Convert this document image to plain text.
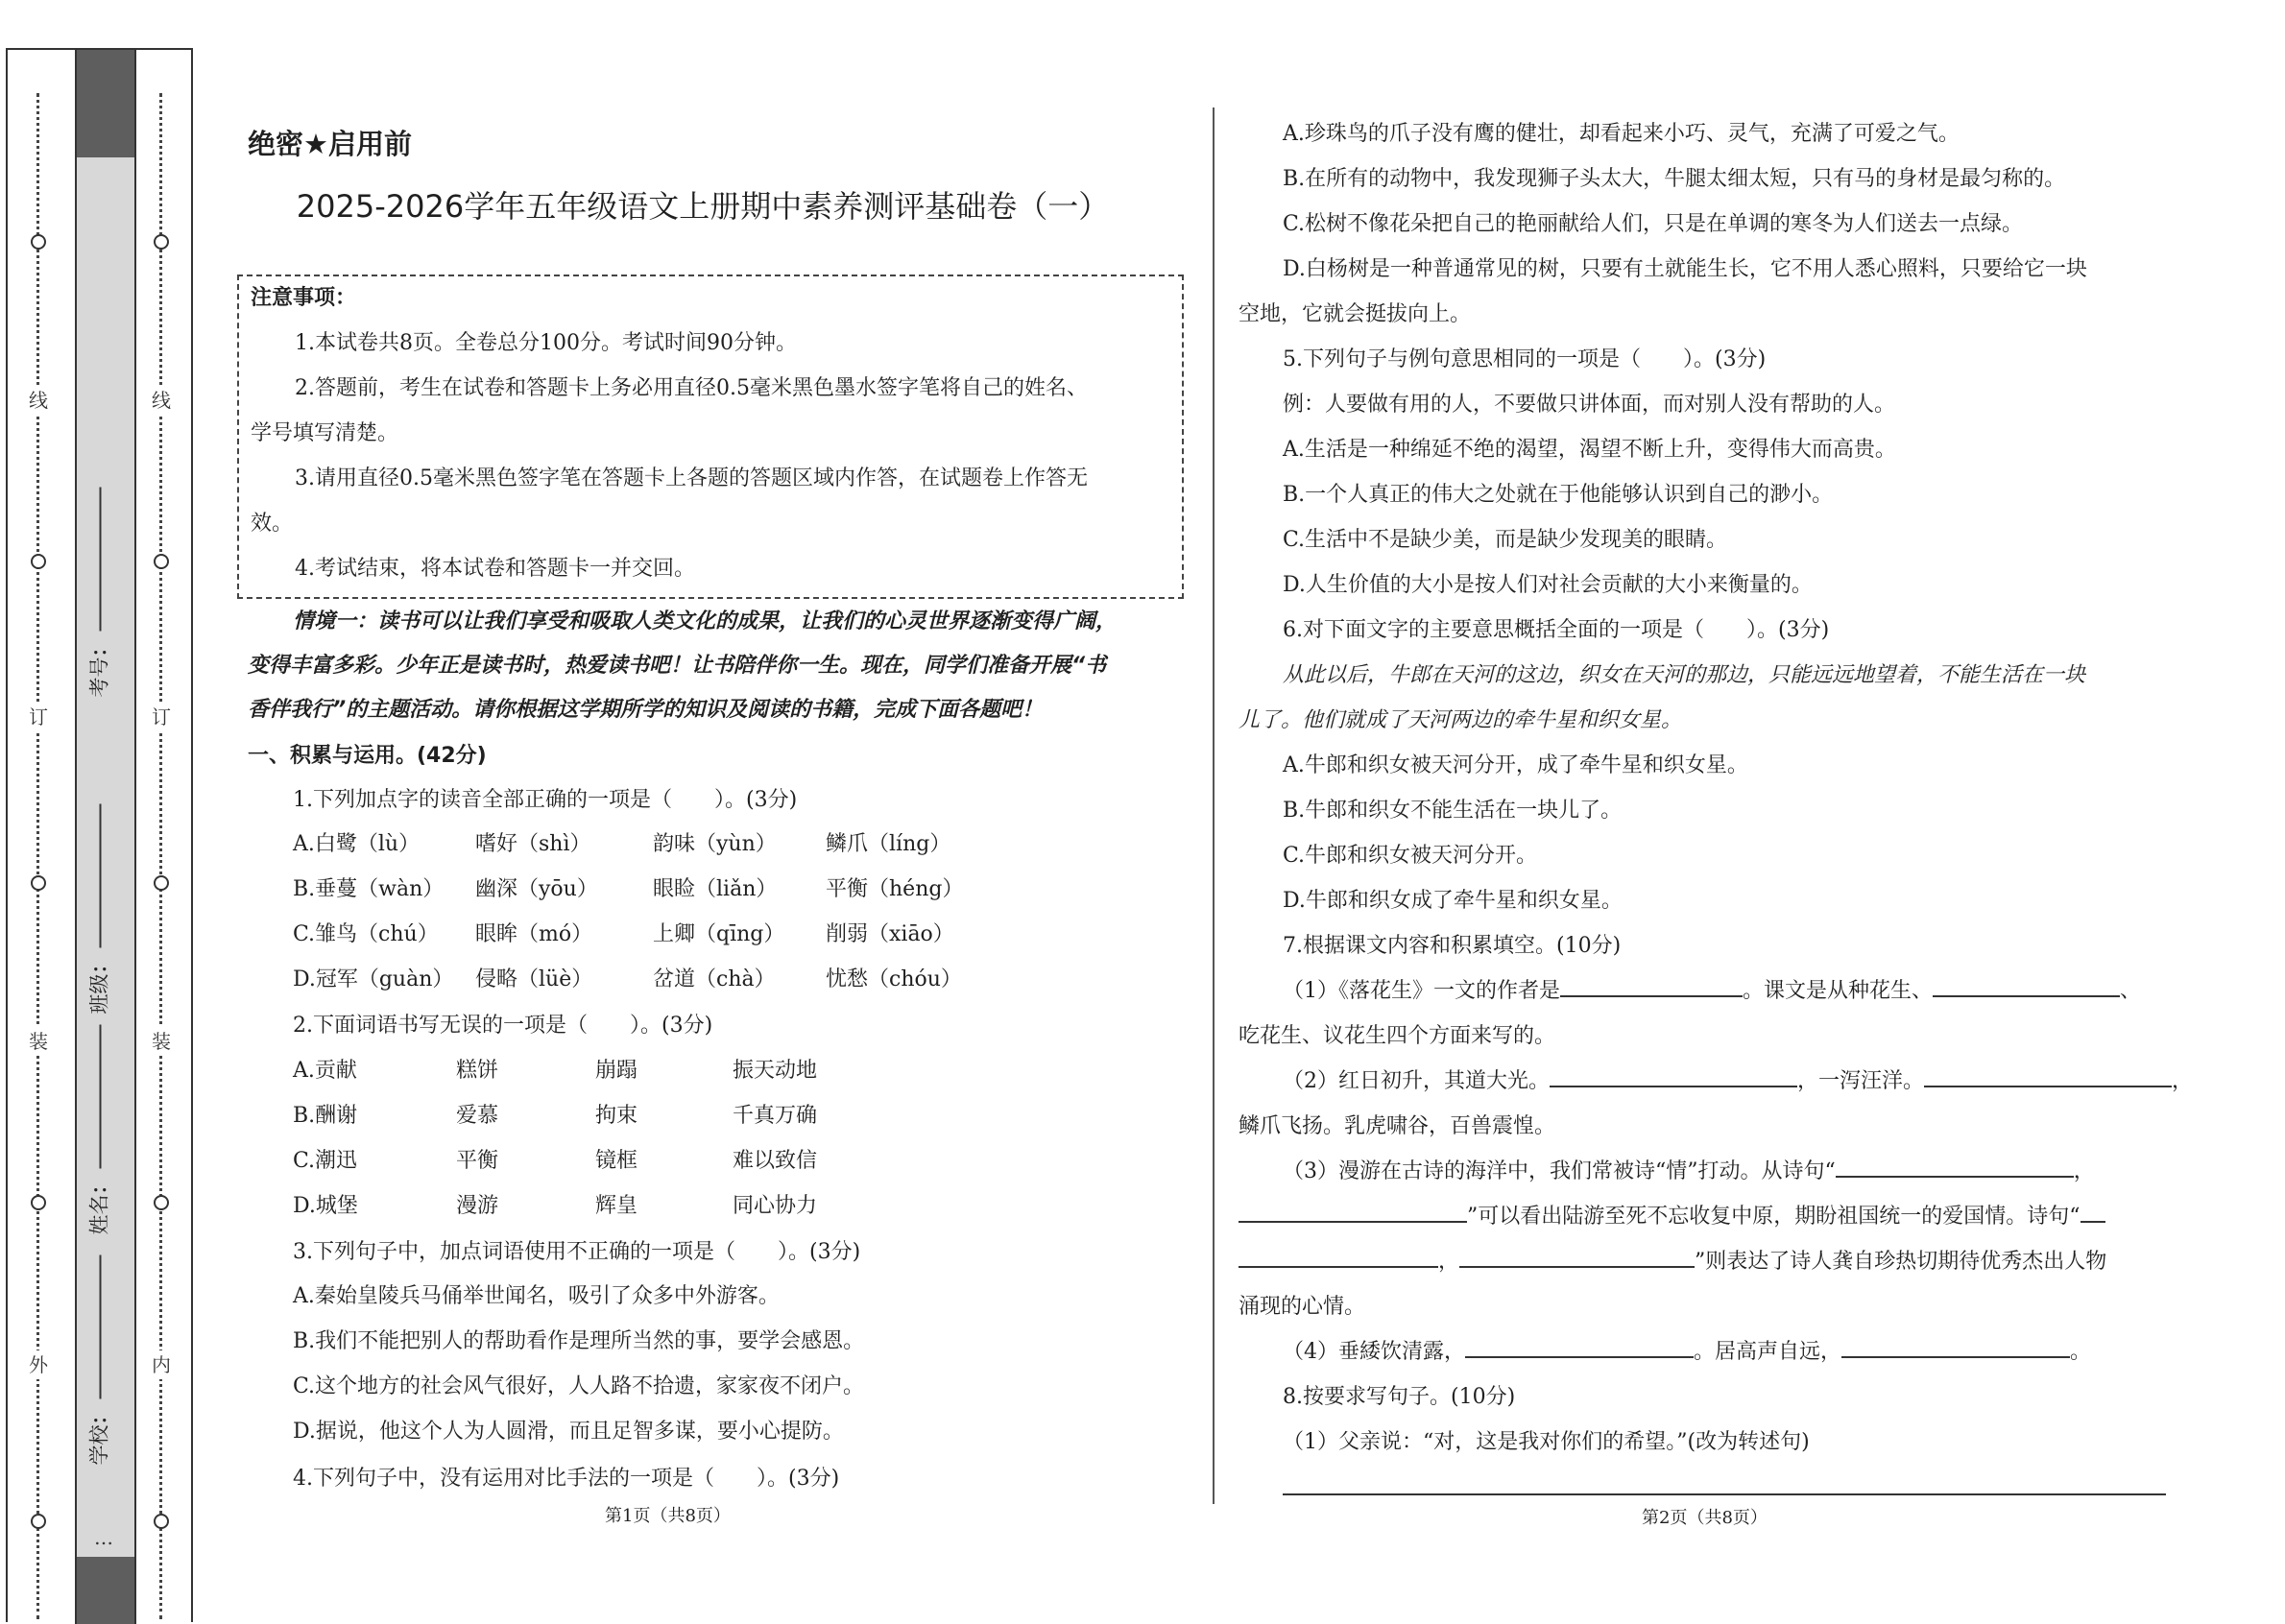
线
订
装
外
线
订
装
内
考号：
班级：
姓名：
学校：
…
绝密★启用前
2025-2026学年五年级语文上册期中素养测评基础卷（一）
注意事项：
1.本试卷共8页。全卷总分100分。考试时间90分钟。
2.答题前，考生在试卷和答题卡上务必用直径0.5毫米黑色墨水签字笔将自己的姓名、
学号填写清楚。
3.请用直径0.5毫米黑色签字笔在答题卡上各题的答题区域内作答，在试题卷上作答无
效。
4.考试结束，将本试卷和答题卡一并交回。
情境一：读书可以让我们享受和吸取人类文化的成果，让我们的心灵世界逐渐变得广阔，
变得丰富多彩。少年正是读书时，热爱读书吧！让书陪伴你一生。现在，同学们准备开展“书
香伴我行”的主题活动。请你根据这学期所学的知识及阅读的书籍，完成下面各题吧！
一、积累与运用。(42分)
1.下列加点字的读音全部正确的一项是（　　）。(3分)
A.白鹭（lù）	嗜好（shì）	韵味（yùn） 鳞爪（líng）
B.垂蔓（wàn） 幽深（yōu）	眼睑（liǎn） 平衡（héng）
C.雏鸟（chú） 眼眸（mó）	上卿（qīng） 削弱（xiāo）
D.冠军（guàn） 侵略（lüè）	岔道（chà） 忧愁（chóu）
2.下面词语书写无误的一项是（　　）。(3分)
A.贡献	糕饼	崩蹋	振天动地
B.酬谢	爱慕	拘束	千真万确
C.潮迅	平衡	镜框	难以致信
D.城堡	漫游	辉皇	同心协力
3.下列句子中，加点词语使用不正确的一项是（　　）。(3分)
A.秦始皇陵兵马俑举世闻名，吸引了众多中外游客。
B.我们不能把别人的帮助看作是理所当然的事，要学会感恩。
C.这个地方的社会风气很好，人人路不拾遗，家家夜不闭户。
D.据说，他这个人为人圆滑，而且足智多谋，要小心提防。
4.下列句子中，没有运用对比手法的一项是（　　）。(3分)
第1页（共8页）
A.珍珠鸟的爪子没有鹰的健壮，却看起来小巧、灵气，充满了可爱之气。
B.在所有的动物中，我发现狮子头太大，牛腿太细太短，只有马的身材是最匀称的。
C.松树不像花朵把自己的艳丽献给人们，只是在单调的寒冬为人们送去一点绿。
D.白杨树是一种普通常见的树，只要有土就能生长，它不用人悉心照料，只要给它一块
空地，它就会挺拔向上。
5.下列句子与例句意思相同的一项是（　　）。(3分)
例：人要做有用的人，不要做只讲体面，而对别人没有帮助的人。
A.生活是一种绵延不绝的渴望，渴望不断上升，变得伟大而高贵。
B.一个人真正的伟大之处就在于他能够认识到自己的渺小。
C.生活中不是缺少美，而是缺少发现美的眼睛。
D.人生价值的大小是按人们对社会贡献的大小来衡量的。
6.对下面文字的主要意思概括全面的一项是（　　）。(3分)
从此以后，牛郎在天河的这边，织女在天河的那边，只能远远地望着，不能生活在一块
儿了。他们就成了天河两边的牵牛星和织女星。
A.牛郎和织女被天河分开，成了牵牛星和织女星。
B.牛郎和织女不能生活在一块儿了。
C.牛郎和织女被天河分开。
D.牛郎和织女成了牵牛星和织女星。
7.根据课文内容和积累填空。(10分)
（1）《落花生》一文的作者是	。课文是从种花生、	、
吃花生、议花生四个方面来写的。
（2）红日初升，其道大光。	，一泻汪洋。	，
鳞爪飞扬。乳虎啸谷，百兽震惶。
（3）漫游在古诗的海洋中，我们常被诗“情”打动。从诗句“	，
”可以看出陆游至死不忘收复中原，期盼祖国统一的爱国情。诗句“
，	”则表达了诗人龚自珍热切期待优秀杰出人物
涌现的心情。
（4）垂緌饮清露，	。居高声自远，	。
8.按要求写句子。(10分)
（1）父亲说：“对，这是我对你们的希望。”(改为转述句)
第2页（共8页）
